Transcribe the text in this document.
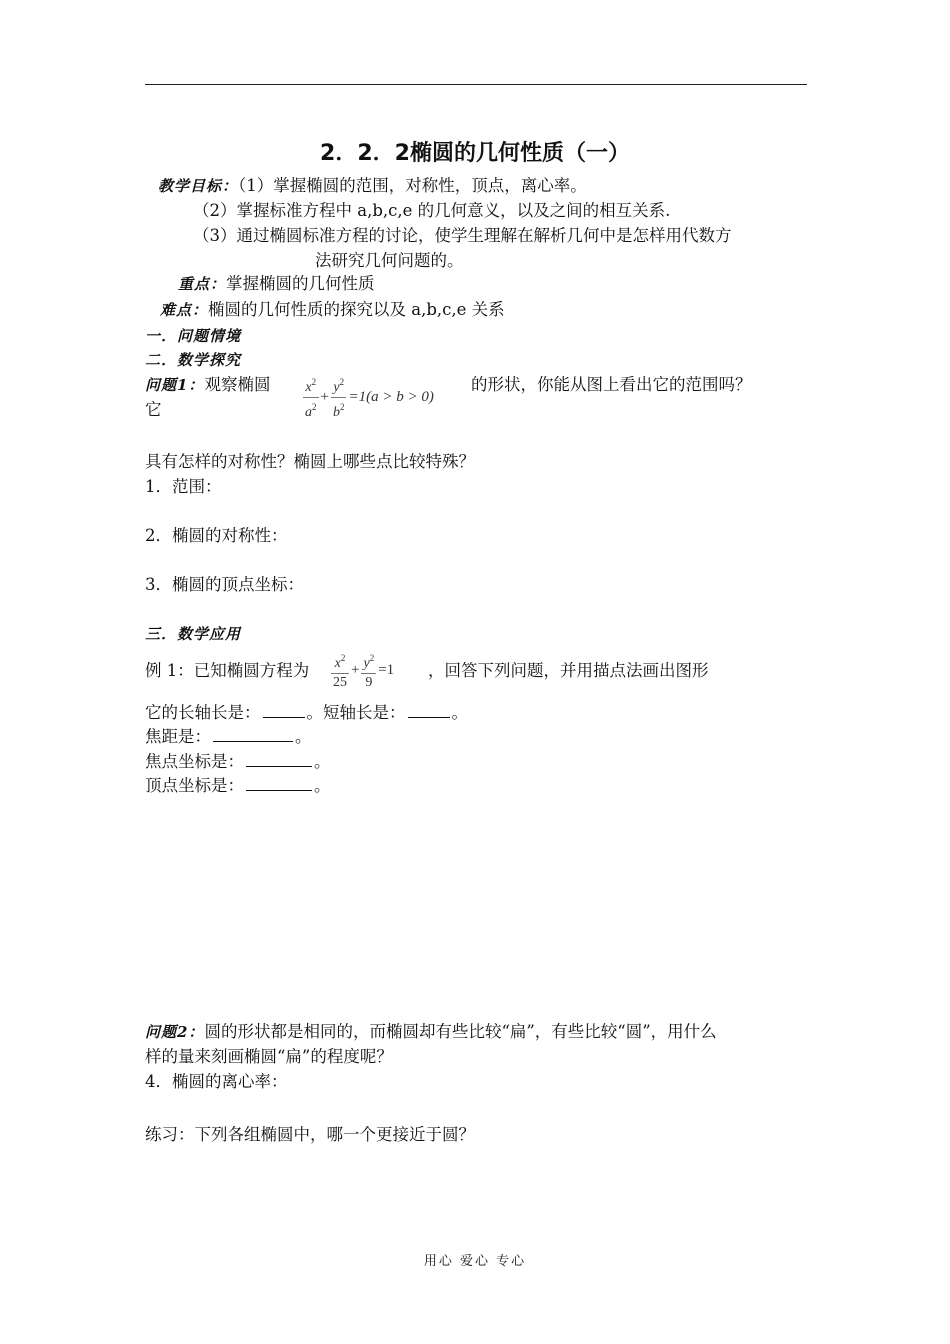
2．2．2椭圆的几何性质（一）
教学目标：（1）掌握椭圆的范围，对称性，顶点，离心率。
（2）掌握标准方程中 a,b,c,e 的几何意义，以及之间的相互关系.
（3）通过椭圆标准方程的讨论，使学生理解在解析几何中是怎样用代数方
法研究几何问题的。
重点：掌握椭圆的几何性质
难点：椭圆的几何性质的探究以及 a,b,c,e 关系
一．问题情境
二．数学探究
问题1：观察椭圆
它	$\frac{x^2}{a^2} + \frac{y^2}{b^2} =1(a > b > 0)$
的形状，你能从图上看出它的范围吗？
具有怎样的对称性？椭圆上哪些点比较特殊？
1．范围：
2．椭圆的对称性：
3．椭圆的顶点坐标：
三．数学应用
例 1：已知椭圆方程为 $\frac{x^2}{25} + \frac{y^2}{9} =1$ ，回答下列问题，并用描点法画出图形
它的长轴长是：	。短轴长是：	。
焦距是：	。
焦点坐标是：	。
顶点坐标是：	。
问题2：圆的形状都是相同的，而椭圆却有些比较“扁”，有些比较“圆”，用什么
样的量来刻画椭圆“扁”的程度呢？
4．椭圆的离心率：
练习：下列各组椭圆中，哪一个更接近于圆？
用心 爱心 专心
